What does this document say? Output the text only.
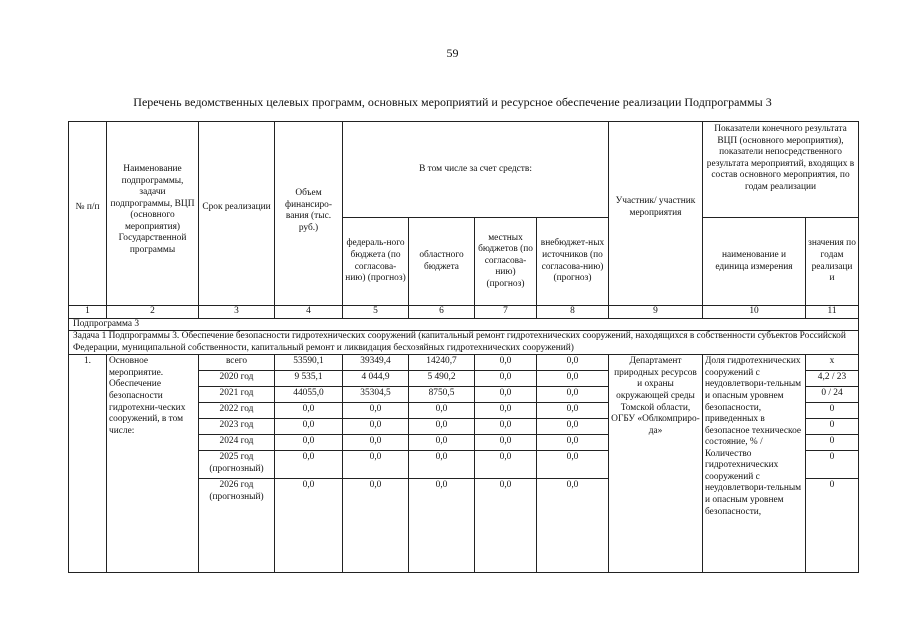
59
Перечень ведомственных целевых программ, основных мероприятий и ресурсное обеспечение реализации Подпрограммы 3
№ п/п	Наименование подпрограммы, задачи подпрограммы, ВЦП (основного мероприятия) Государственной программы	Срок реализации	Объем финансиро-вания (тыс. руб.)	В том числе за счет средств:				Участник/ участник мероприятия	Показатели конечного результата ВЦП (основного мероприятия), показатели непосредственного результата мероприятий, входящих в состав основного мероприятия, по годам реализации	
				федераль-ного бюджета (по согласова-нию) (прогноз)	областного бюджета	местных бюджетов (по согласова-нию) (прогноз)	внебюджет-ных источников (по согласова-нию) (прогноз)		наименование и единица измерения	значения по годам реализаци и
1	2	3	4	5	6	7	8	9	10	11
Подпрограмма 3										
Задача 1 Подпрограммы 3. Обеспечение безопасности гидротехнических сооружений (капитальный ремонт гидротехнических сооружений, находящихся в собственности субъектов Российской Федерации, муниципальной собственности, капитальный ремонт и ликвидация бесхозяйных гидротехнических сооружений)										
1.	Основное мероприятие. Обеспечение безопасности гидротехни-ческих сооружений, в том числе:	всего	53590,1	39349,4	14240,7	0,0	0,0	Департамент природных ресурсов и охраны окружающей среды Томской области, ОГБУ «Облкомприро-да»	Доля гидротехнических сооружений с неудовлетвори-тельным и опасным уровнем безопасности, приведенных в безопасное техническое состояние, % / Количество гидротехнических сооружений с неудовлетвори-тельным и опасным уровнем безопасности,	х
		2020 год	9 535,1	4 044,9	5 490,2	0,0	0,0			4,2 / 23
		2021 год	44055,0	35304,5	8750,5	0,0	0,0			0 / 24
		2022 год	0,0	0,0	0,0	0,0	0,0			0
		2023 год	0,0	0,0	0,0	0,0	0,0			0
		2024 год	0,0	0,0	0,0	0,0	0,0			0
		2025 год (прогнозный)	0,0	0,0	0,0	0,0	0,0			0
		2026 год (прогнозный)	0,0	0,0	0,0	0,0	0,0			0
